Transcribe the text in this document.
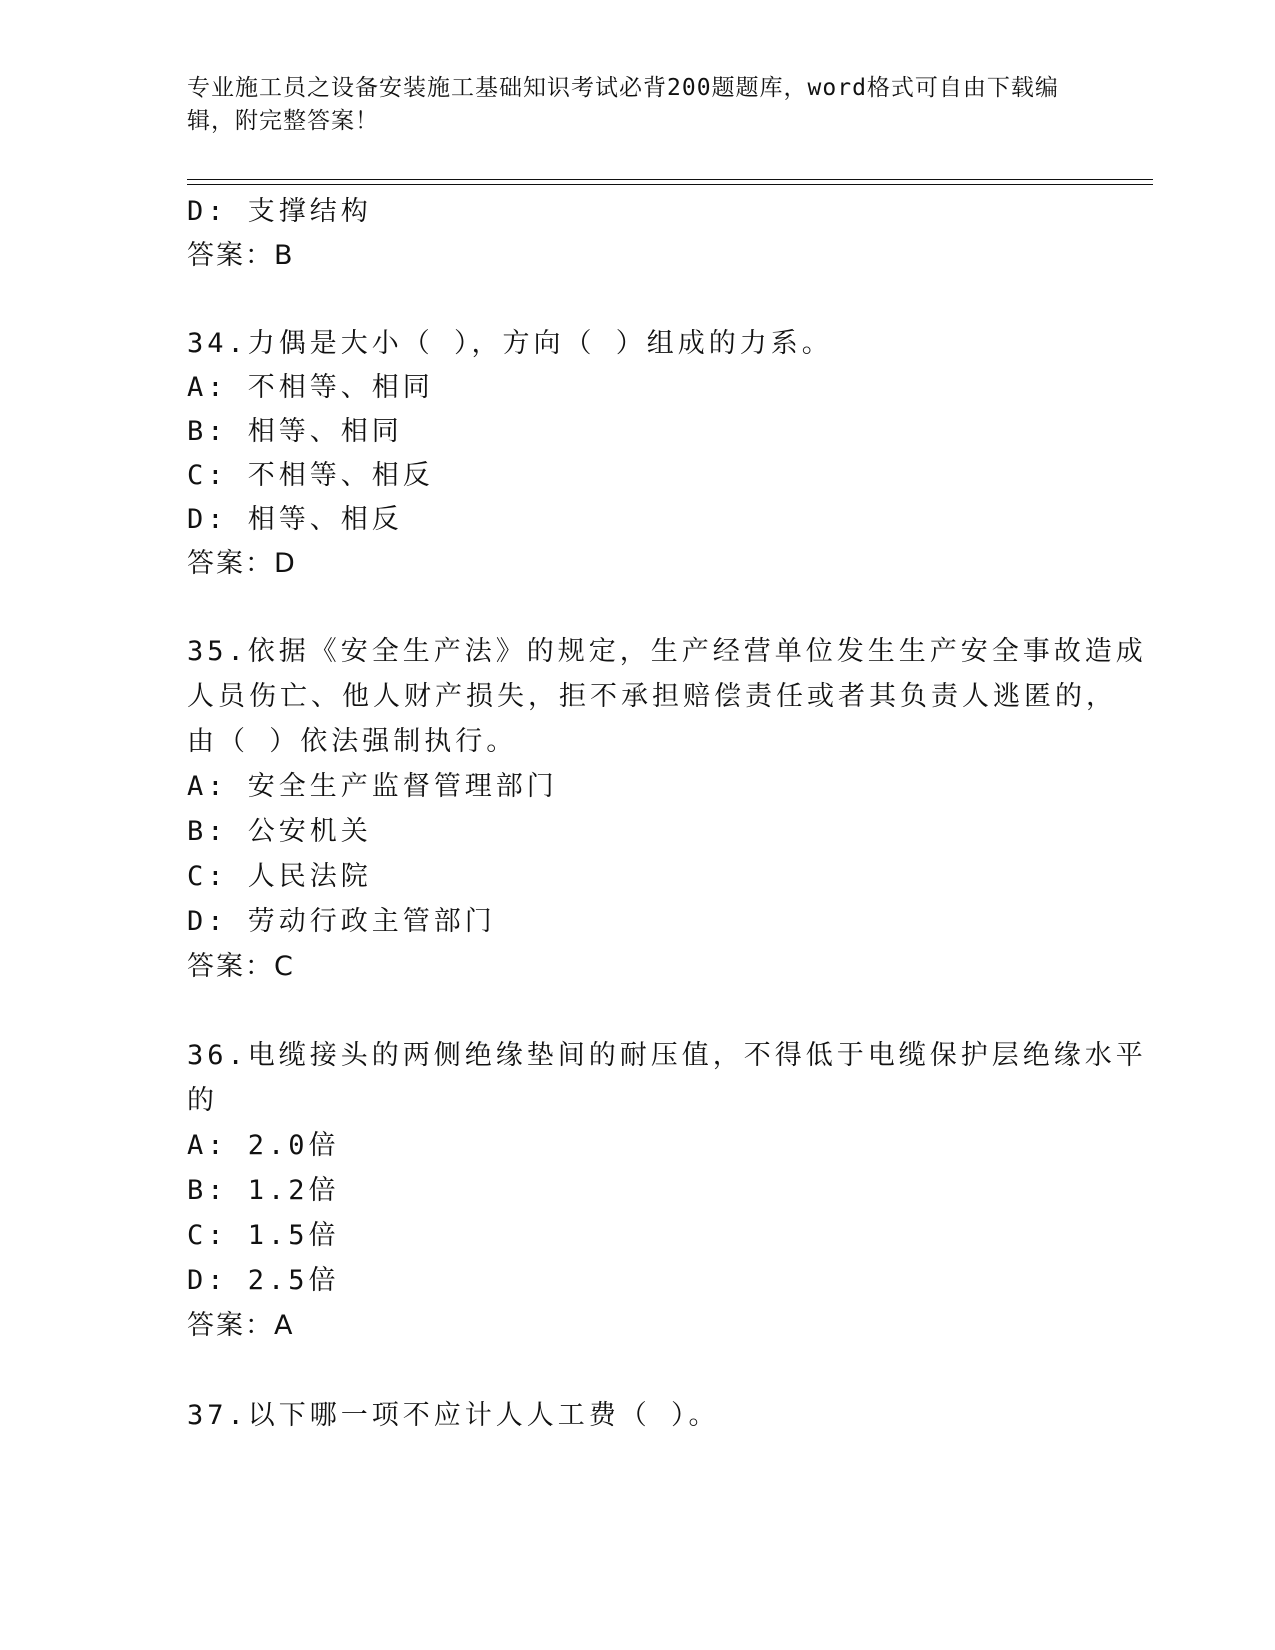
专业施工员之设备安装施工基础知识考试必背200题题库，word格式可自由下载编辑，附完整答案！
D: 支撑结构
答案：B
34.力偶是大小（ ），方向（ ）组成的力系。
A: 不相等、相同
B: 相等、相同
C: 不相等、相反
D: 相等、相反
答案：D
35.依据《安全生产法》的规定，生产经营单位发生生产安全事故造成
人员伤亡、他人财产损失，拒不承担赔偿责任或者其负责人逃匿的，
由（ ）依法强制执行。
A: 安全生产监督管理部门
B: 公安机关
C: 人民法院
D: 劳动行政主管部门
答案：C
36.电缆接头的两侧绝缘垫间的耐压值，不得低于电缆保护层绝缘水平
的
A: 2.0倍
B: 1.2倍
C: 1.5倍
D: 2.5倍
答案：A
37.以下哪一项不应计人人工费（ ）。
